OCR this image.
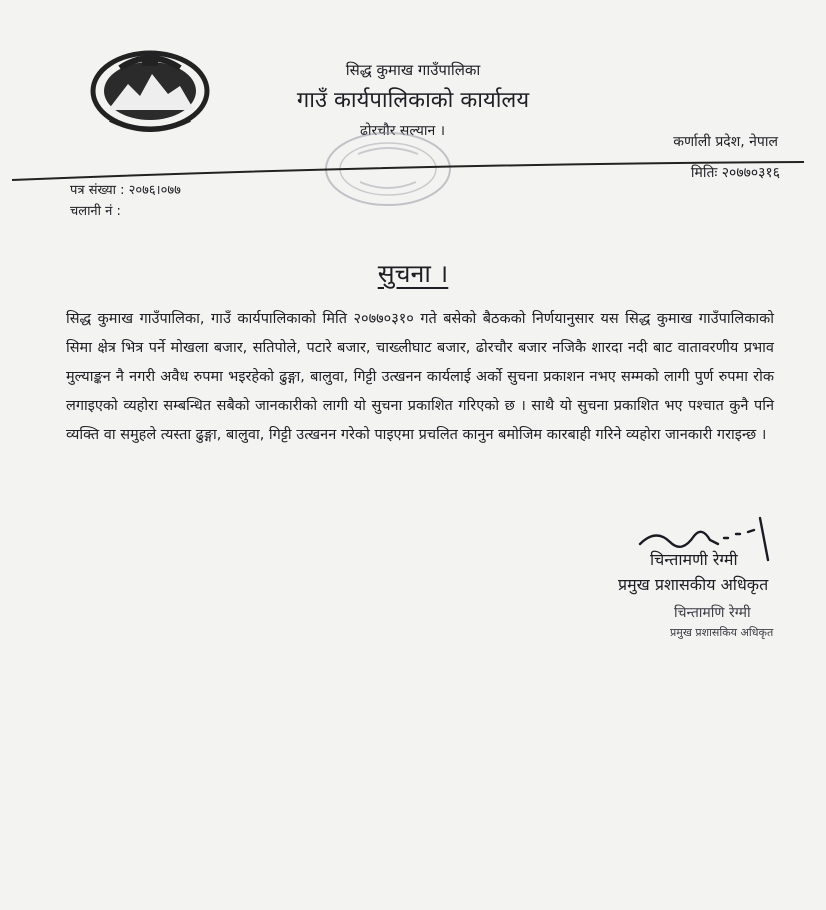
सिद्ध कुमाख गाउँपालिका
गाउँ कार्यपालिकाको कार्यालय
ढोरचौर सल्यान ।
कर्णाली प्रदेश, नेपाल
मितिः २०७७०३१६
पत्र संख्या : २०७६।०७७
चलानी नं :
सुचना ।

सिद्ध कुमाख गाउँपालिका, गाउँ कार्यपालिकाको मिति २०७७०३१० गते बसेको बैठकको निर्णयानुसार यस सिद्ध कुमाख गाउँपालिकाको सिमा क्षेत्र भित्र पर्ने मोखला बजार, सतिपोले, पटारे बजार, चाख्लीघाट बजार, ढोरचौर बजार नजिकै शारदा नदी बाट वातावरणीय प्रभाव मुल्याङ्कन नै नगरी अवैध रुपमा भइरहेको ढुङ्गा, बालुवा, गिट्टी उत्खनन कार्यलाई अर्को सुचना प्रकाशन नभए सम्मको लागी पुर्ण रुपमा रोक लगाइएको व्यहोरा सम्बन्धित सबैको जानकारीको लागी यो सुचना प्रकाशित गरिएको छ । साथै यो सुचना प्रकाशित भए पश्चात कुनै पनि व्यक्ति वा समुहले त्यस्ता ढुङ्गा, बालुवा, गिट्टी उत्खनन गरेको पाइएमा प्रचलित कानुन बमोजिम कारबाही गरिने व्यहोरा जानकारी गराइन्छ ।

चिन्तामणी रेग्मी
प्रमुख प्रशासकीय अधिकृत
चिन्तामणि रेग्मी
प्रमुख प्रशासकिय अधिकृत
